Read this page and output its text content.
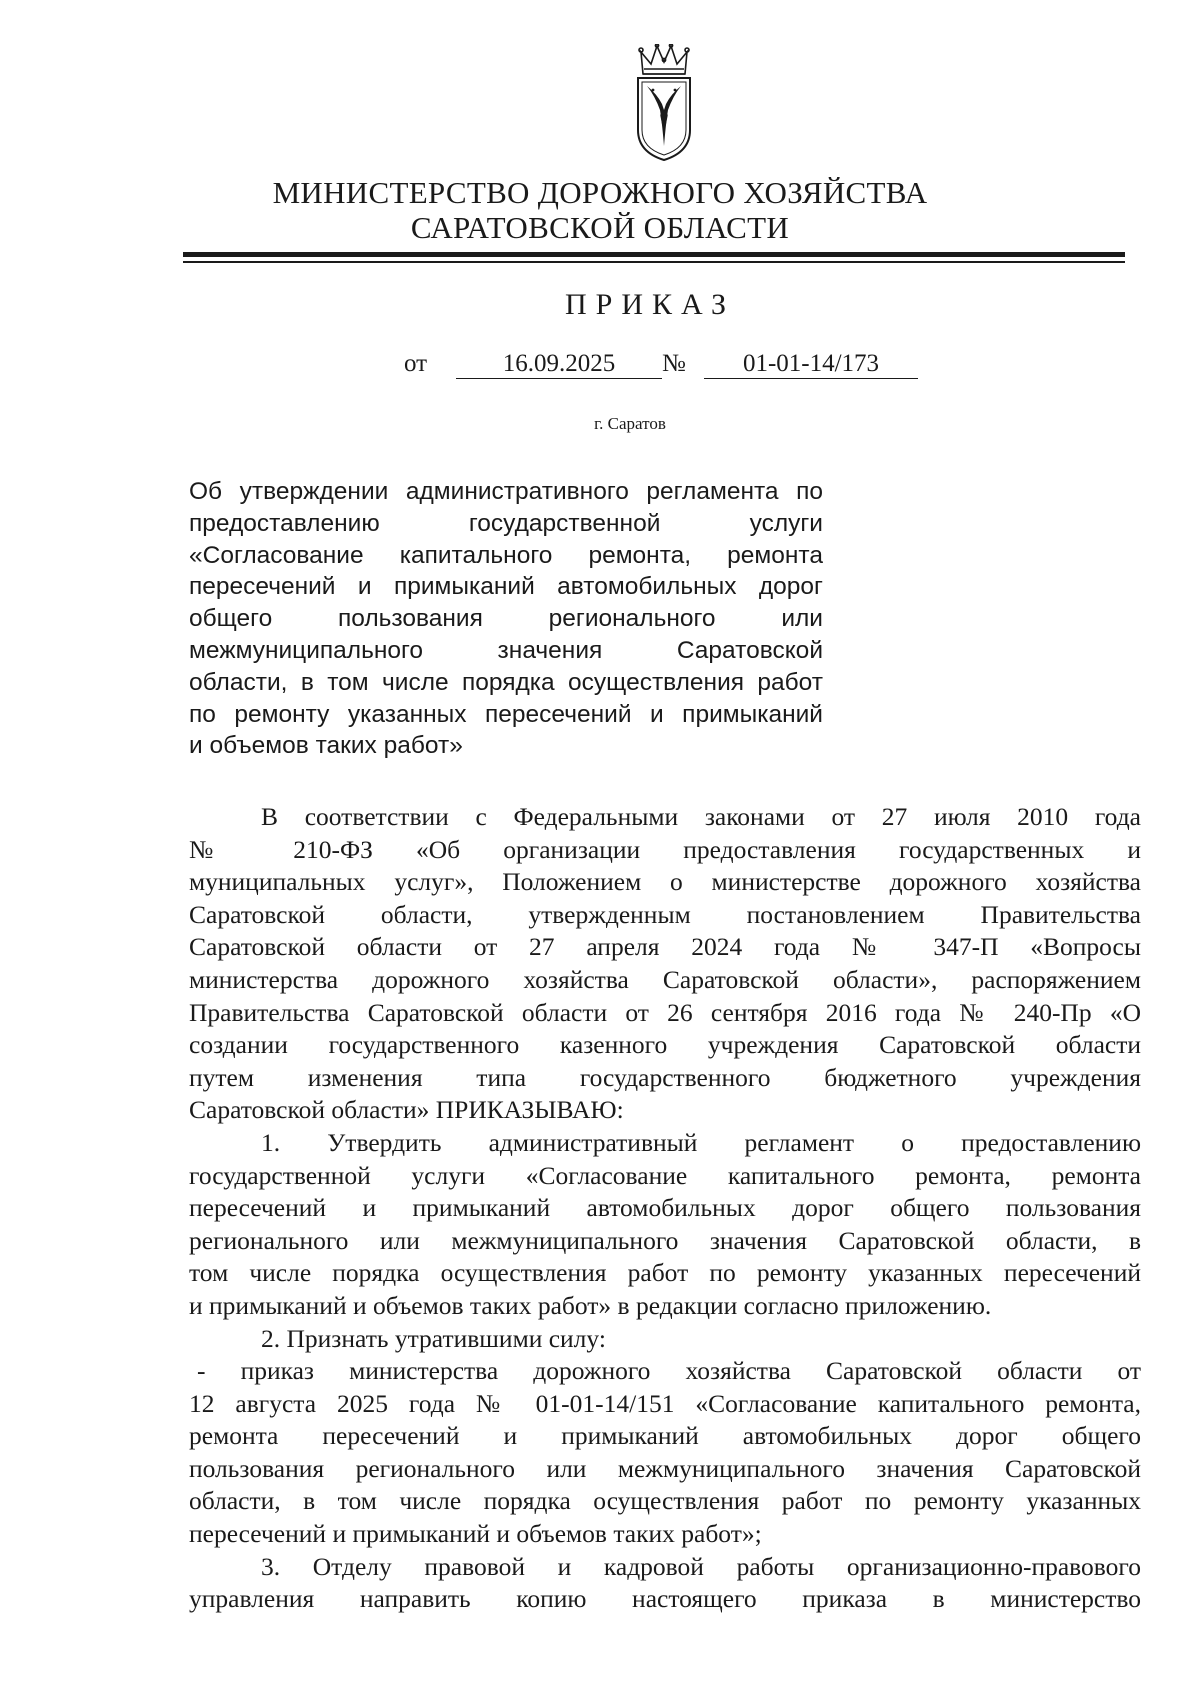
МИНИСТЕРСТВО ДОРОЖНОГО ХОЗЯЙСТВА
САРАТОВСКОЙ ОБЛАСТИ
ПРИКАЗ
от	16.09.2025	№	01-01-14/173
г. Саратов
Об утверждении административного регламента по
предоставлению государственной услуги
«Согласование капитального ремонта, ремонта
пересечений и примыканий автомобильных дорог
общего пользования регионального или
межмуниципального значения Саратовской
области, в том числе порядка осуществления работ
по ремонту указанных пересечений и примыканий
и объемов таких работ»
В соответствии с Федеральными законами от 27 июля 2010 года
№ 210-ФЗ «Об организации предоставления государственных и
муниципальных услуг», Положением о министерстве дорожного хозяйства
Саратовской области, утвержденным постановлением Правительства
Саратовской области от 27 апреля 2024 года № 347-П «Вопросы
министерства дорожного хозяйства Саратовской области», распоряжением
Правительства Саратовской области от 26 сентября 2016 года № 240-Пр «О
создании государственного казенного учреждения Саратовской области
путем изменения типа государственного бюджетного учреждения
Саратовской области» ПРИКАЗЫВАЮ:
1. Утвердить административный регламент о предоставлению
государственной услуги «Согласование капитального ремонта, ремонта
пересечений и примыканий автомобильных дорог общего пользования
регионального или межмуниципального значения Саратовской области, в
том числе порядка осуществления работ по ремонту указанных пересечений
и примыканий и объемов таких работ» в редакции согласно приложению.
2. Признать утратившими силу:
- приказ министерства дорожного хозяйства Саратовской области от
12 августа 2025 года № 01-01-14/151 «Согласование капитального ремонта,
ремонта пересечений и примыканий автомобильных дорог общего
пользования регионального или межмуниципального значения Саратовской
области, в том числе порядка осуществления работ по ремонту указанных
пересечений и примыканий и объемов таких работ»;
3. Отделу правовой и кадровой работы организационно-правового
управления направить копию настоящего приказа в министерство
